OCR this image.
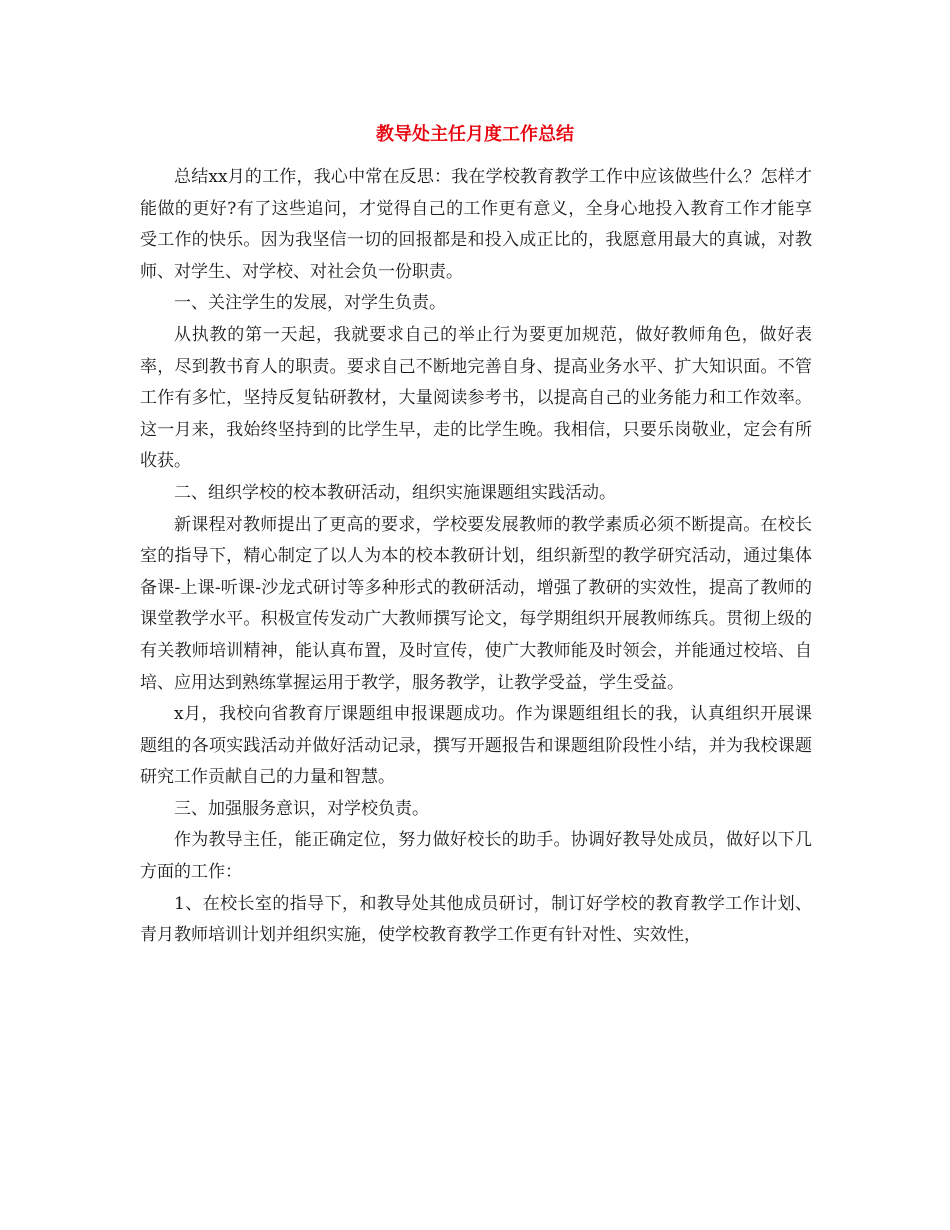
教导处主任月度工作总结

总结xx月的工作，我心中常在反思：我在学校教育教学工作中应该做些什么？怎样才能做的更好?有了这些追问，才觉得自己的工作更有意义，全身心地投入教育工作才能享受工作的快乐。因为我坚信一切的回报都是和投入成正比的，我愿意用最大的真诚，对教师、对学生、对学校、对社会负一份职责。

一、关注学生的发展，对学生负责。

从执教的第一天起，我就要求自己的举止行为要更加规范，做好教师角色，做好表率，尽到教书育人的职责。要求自己不断地完善自身、提高业务水平、扩大知识面。不管工作有多忙，坚持反复钻研教材，大量阅读参考书，以提高自己的业务能力和工作效率。这一月来，我始终坚持到的比学生早，走的比学生晚。我相信，只要乐岗敬业，定会有所收获。

二、组织学校的校本教研活动，组织实施课题组实践活动。

新课程对教师提出了更高的要求，学校要发展教师的教学素质必须不断提高。在校长室的指导下，精心制定了以人为本的校本教研计划，组织新型的教学研究活动，通过集体备课-上课-听课-沙龙式研讨等多种形式的教研活动，增强了教研的实效性，提高了教师的课堂教学水平。积极宣传发动广大教师撰写论文，每学期组织开展教师练兵。贯彻上级的有关教师培训精神，能认真布置，及时宣传，使广大教师能及时领会，并能通过校培、自培、应用达到熟练掌握运用于教学，服务教学，让教学受益，学生受益。

x月，我校向省教育厅课题组申报课题成功。作为课题组组长的我，认真组织开展课题组的各项实践活动并做好活动记录，撰写开题报告和课题组阶段性小结，并为我校课题研究工作贡献自己的力量和智慧。

三、加强服务意识，对学校负责。

作为教导主任，能正确定位，努力做好校长的助手。协调好教导处成员，做好以下几方面的工作：

1、在校长室的指导下，和教导处其他成员研讨，制订好学校的教育教学工作计划、青月教师培训计划并组织实施，使学校教育教学工作更有针对性、实效性，
